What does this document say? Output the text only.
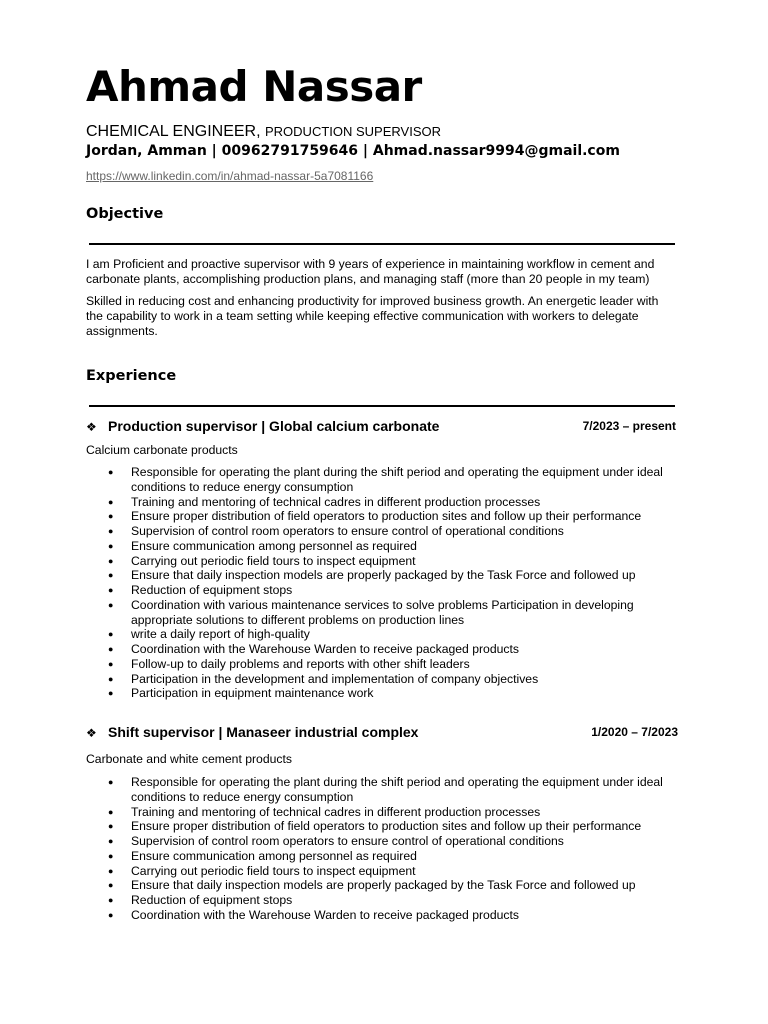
Ahmad Nassar
CHEMICAL ENGINEER, PRODUCTION SUPERVISOR
Jordan, Amman | 00962791759646 | Ahmad.nassar9994@gmail.com
https://www.linkedin.com/in/ahmad-nassar-5a7081166
Objective
I am Proficient and proactive supervisor with 9 years of experience in maintaining workflow in cement and carbonate plants, accomplishing production plans, and managing staff (more than 20 people in my team)
Skilled in reducing cost and enhancing productivity for improved business growth. An energetic leader with the capability to work in a team setting while keeping effective communication with workers to delegate assignments.
Experience
❖ Production supervisor | Global calcium carbonate	7/2023 – present
Calcium carbonate products
● Responsible for operating the plant during the shift period and operating the equipment under ideal conditions to reduce energy consumption
● Training and mentoring of technical cadres in different production processes
● Ensure proper distribution of field operators to production sites and follow up their performance
● Supervision of control room operators to ensure control of operational conditions
● Ensure communication among personnel as required
● Carrying out periodic field tours to inspect equipment
● Ensure that daily inspection models are properly packaged by the Task Force and followed up
● Reduction of equipment stops
● Coordination with various maintenance services to solve problems Participation in developing appropriate solutions to different problems on production lines
● write a daily report of high-quality
● Coordination with the Warehouse Warden to receive packaged products
● Follow-up to daily problems and reports with other shift leaders
● Participation in the development and implementation of company objectives
● Participation in equipment maintenance work
❖ Shift supervisor | Manaseer industrial complex	1/2020 – 7/2023
Carbonate and white cement products
● Responsible for operating the plant during the shift period and operating the equipment under ideal conditions to reduce energy consumption
● Training and mentoring of technical cadres in different production processes
● Ensure proper distribution of field operators to production sites and follow up their performance
● Supervision of control room operators to ensure control of operational conditions
● Ensure communication among personnel as required
● Carrying out periodic field tours to inspect equipment
● Ensure that daily inspection models are properly packaged by the Task Force and followed up
● Reduction of equipment stops
● Coordination with the Warehouse Warden to receive packaged products
